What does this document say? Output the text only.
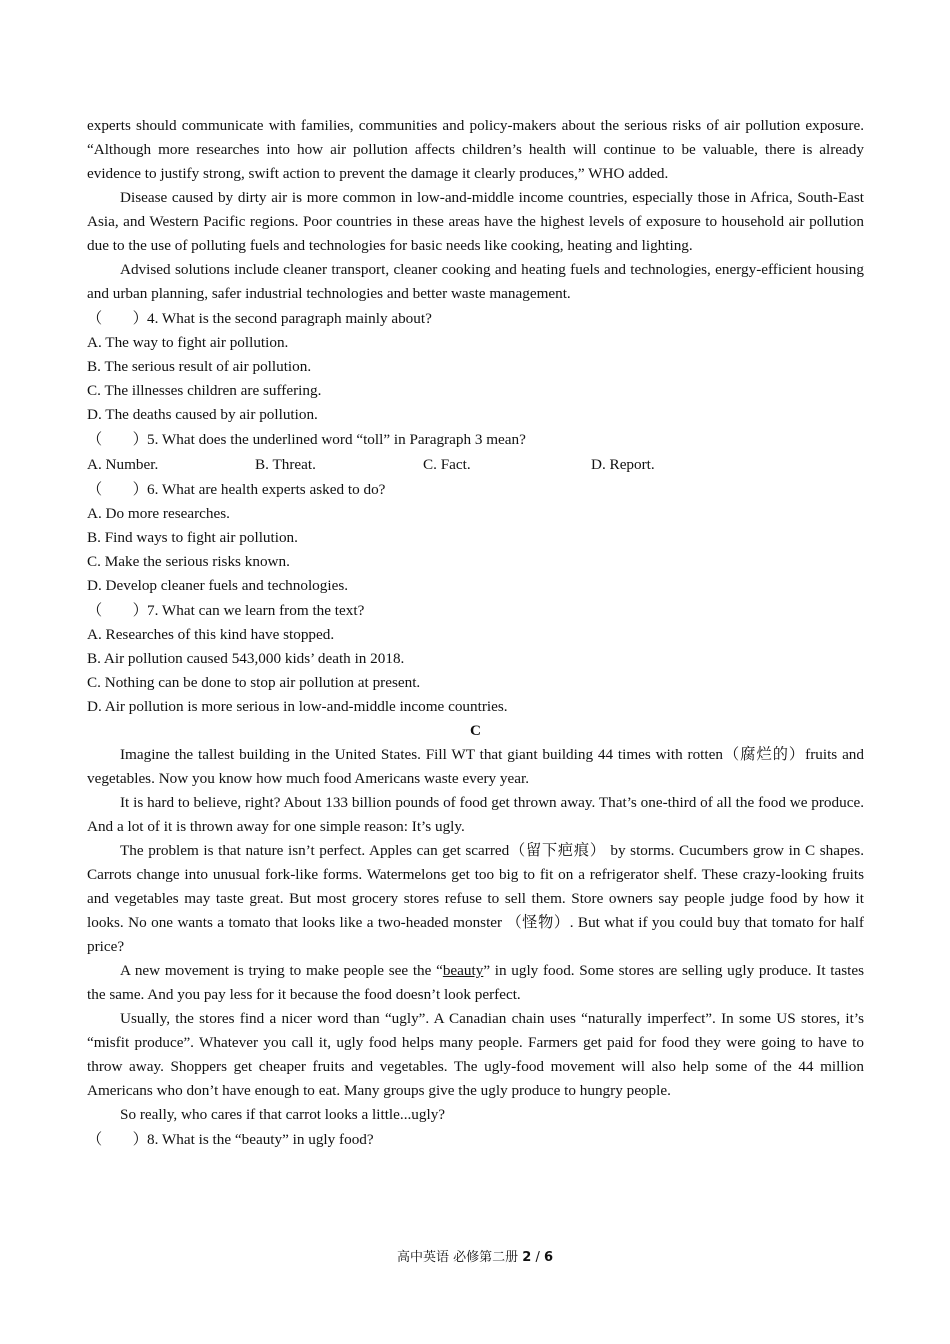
experts should communicate with families, communities and policy-makers about the serious risks of air pollution exposure. “Although more researches into how air pollution affects children’s health will continue to be valuable, there is already evidence to justify strong, swift action to prevent the damage it clearly produces,” WHO added.

Disease caused by dirty air is more common in low-and-middle income countries, especially those in Africa, South-East Asia, and Western Pacific regions. Poor countries in these areas have the highest levels of exposure to household air pollution due to the use of polluting fuels and technologies for basic needs like cooking, heating and lighting.

Advised solutions include cleaner transport, cleaner cooking and heating fuels and technologies, energy-efficient housing and urban planning, safer industrial technologies and better waste management.

（　　）4. What is the second paragraph mainly about?

A. The way to fight air pollution.

B. The serious result of air pollution.

C. The illnesses children are suffering.

D. The deaths caused by air pollution.

（　　）5. What does the underlined word “toll” in Paragraph 3 mean?

A. Number.	B. Threat.	C. Fact.	D. Report.

（　　）6. What are health experts asked to do?

A. Do more researches.

B. Find ways to fight air pollution.

C. Make the serious risks known.

D. Develop cleaner fuels and technologies.

（　　）7. What can we learn from the text?

A. Researches of this kind have stopped.

B. Air pollution caused 543,000 kids’ death in 2018.

C. Nothing can be done to stop air pollution at present.

D. Air pollution is more serious in low-and-middle income countries.

C

Imagine the tallest building in the United States. Fill WT that giant building 44 times with rotten（腐烂的）fruits and vegetables. Now you know how much food Americans waste every year.

It is hard to believe, right? About 133 billion pounds of food get thrown away. That’s one-third of all the food we produce. And a lot of it is thrown away for one simple reason: It’s ugly.

The problem is that nature isn’t perfect. Apples can get scarred（留下疤痕） by storms. Cucumbers grow in C shapes. Carrots change into unusual fork-like forms. Watermelons get too big to fit on a refrigerator shelf. These crazy-looking fruits and vegetables may taste great. But most grocery stores refuse to sell them. Store owners say people judge food by how it looks. No one wants a tomato that looks like a two-headed monster （怪物）. But what if you could buy that tomato for half price?

A new movement is trying to make people see the “beauty” in ugly food. Some stores are selling ugly produce. It tastes the same. And you pay less for it because the food doesn’t look perfect.

Usually, the stores find a nicer word than “ugly”. A Canadian chain uses “naturally imperfect”. In some US stores, it’s “misfit produce”. Whatever you call it, ugly food helps many people. Farmers get paid for food they were going to have to throw away. Shoppers get cheaper fruits and vegetables. The ugly-food movement will also help some of the 44 million Americans who don’t have enough to eat. Many groups give the ugly produce to hungry people.

So really, who cares if that carrot looks a little...ugly?

（　　）8. What is the “beauty” in ugly food?

高中英语 必修第二册 2 / 6
